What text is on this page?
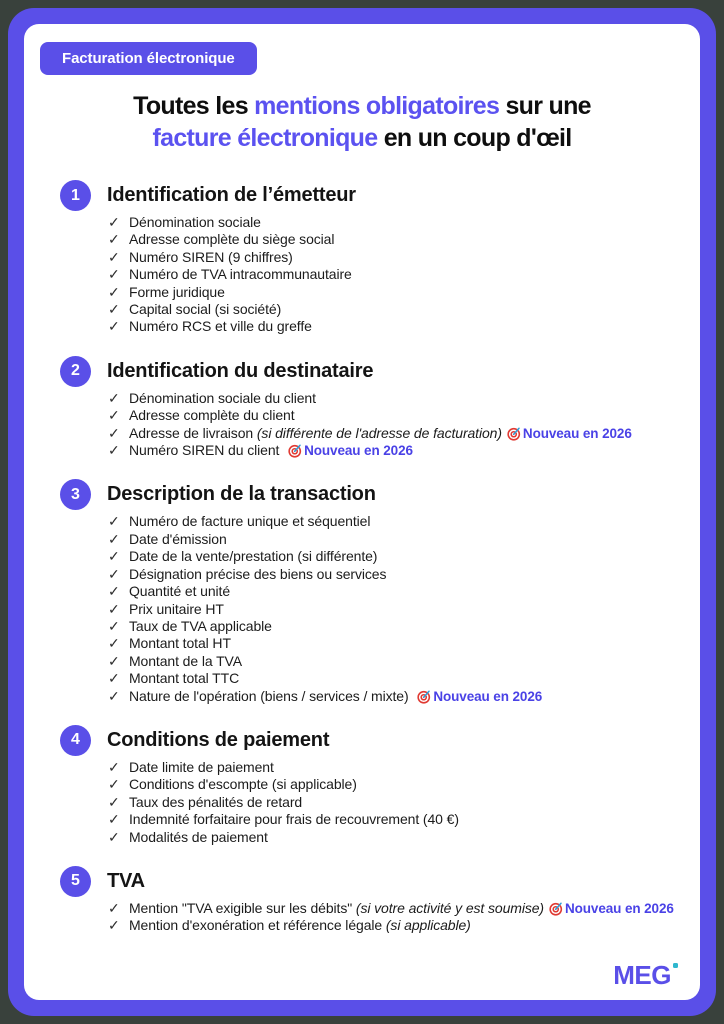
Facturation électronique
Toutes les mentions obligatoires sur une
facture électronique en un coup d'œil
1	Identification de l’émetteur
✓ Dénomination sociale
✓ Adresse complète du siège social
✓ Numéro SIREN (9 chiffres)
✓ Numéro de TVA intracommunautaire
✓ Forme juridique
✓ Capital social (si société)
✓ Numéro RCS et ville du greffe
2	Identification du destinataire
✓ Dénomination sociale du client
✓ Adresse complète du client
✓ Adresse de livraison (si différente de l'adresse de facturation) Nouveau en 2026
✓ Numéro SIREN du client Nouveau en 2026
3	Description de la transaction
✓ Numéro de facture unique et séquentiel
✓ Date d'émission
✓ Date de la vente/prestation (si différente)
✓ Désignation précise des biens ou services
✓ Quantité et unité
✓ Prix unitaire HT
✓ Taux de TVA applicable
✓ Montant total HT
✓ Montant de la TVA
✓ Montant total TTC
✓ Nature de l'opération (biens / services / mixte) Nouveau en 2026
4	Conditions de paiement
✓ Date limite de paiement
✓ Conditions d'escompte (si applicable)
✓ Taux des pénalités de retard
✓ Indemnité forfaitaire pour frais de recouvrement (40 €)
✓ Modalités de paiement
5	TVA
✓ Mention "TVA exigible sur les débits" (si votre activité y est soumise) Nouveau en 2026
✓ Mention d'exonération et référence légale (si applicable)
MEG
